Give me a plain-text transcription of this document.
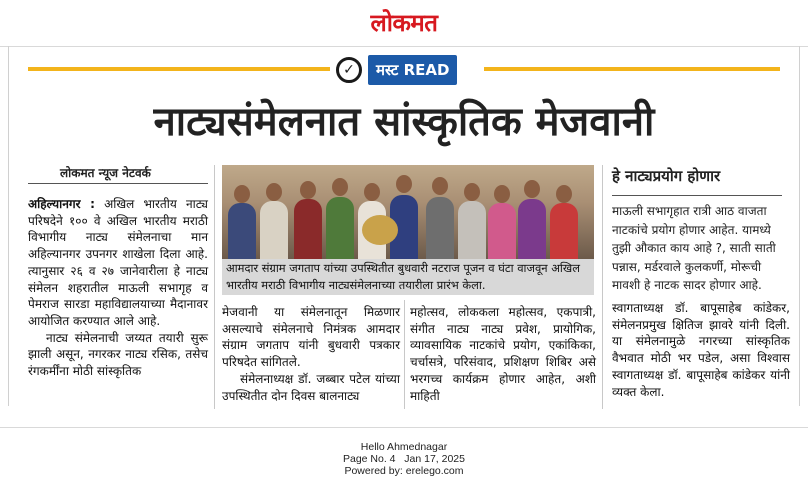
लोकमत
✓	मस्ट READ
नाट्यसंमेलनात सांस्कृतिक मेजवानी
लोकमत न्यूज नेटवर्क

अहिल्यानगर : अखिल भारतीय नाट्य परिषदेने १०० वे अखिल भारतीय मराठी विभागीय नाट्य संमेलनाचा मान अहिल्यानगर उपनगर शाखेला दिला आहे. त्यानुसार २६ व २७ जानेवारीला हे नाट्य संमेलन शहरातील माऊली सभागृह व पेमराज सारडा महाविद्यालयाच्या मैदानावर आयोजित करण्यात आले आहे.

नाट्य संमेलनाची जय्यत तयारी सुरू झाली असून, नगरकर नाट्य रसिक, तसेच रंगकर्मींना मोठी सांस्कृतिक

आमदार संग्राम जगताप यांच्या उपस्थितीत बुधवारी नटराज पूजन व घंटा वाजवून अखिल भारतीय मराठी विभागीय नाट्यसंमेलनाच्या तयारीला प्रारंभ केला.

मेजवानी या संमेलनातून मिळणार असल्याचे संमेलनाचे निमंत्रक आमदार संग्राम जगताप यांनी बुधवारी पत्रकार परिषदेत सांगितले.

संमेलनाध्यक्ष डॉ. जब्बार पटेल यांच्या उपस्थितीत दोन दिवस बालनाट्य

महोत्सव, लोककला महोत्सव, एकपात्री, संगीत नाट्य नाट्य प्रवेश, प्रायोगिक, व्यावसायिक नाटकांचे प्रयोग, एकांकिका, चर्चासत्रे, परिसंवाद, प्रशिक्षण शिबिर असे भरगच्च कार्यक्रम होणार आहेत, अशी माहिती

हे नाट्यप्रयोग होणार
माऊली सभागृहात रात्री आठ वाजता नाटकांचे प्रयोग होणार आहेत. यामध्ये तुझी औकात काय आहे ?, साती साती पन्नास, मर्डरवाले कुलकर्णी, मोरूची मावशी हे नाटक सादर होणार आहे.

स्वागताध्यक्ष डॉ. बापूसाहेब कांडेकर, संमेलनप्रमुख क्षितिज झावरे यांनी दिली. या संमेलनामुळे नगरच्या सांस्कृतिक वैभवात मोठी भर पडेल, असा विश्वास स्वागताध्यक्ष डॉ. बापूसाहेब कांडेकर यांनी व्यक्त केला.

Hello Ahmednagar
Page No. 4   Jan 17, 2025
Powered by: erelego.com
